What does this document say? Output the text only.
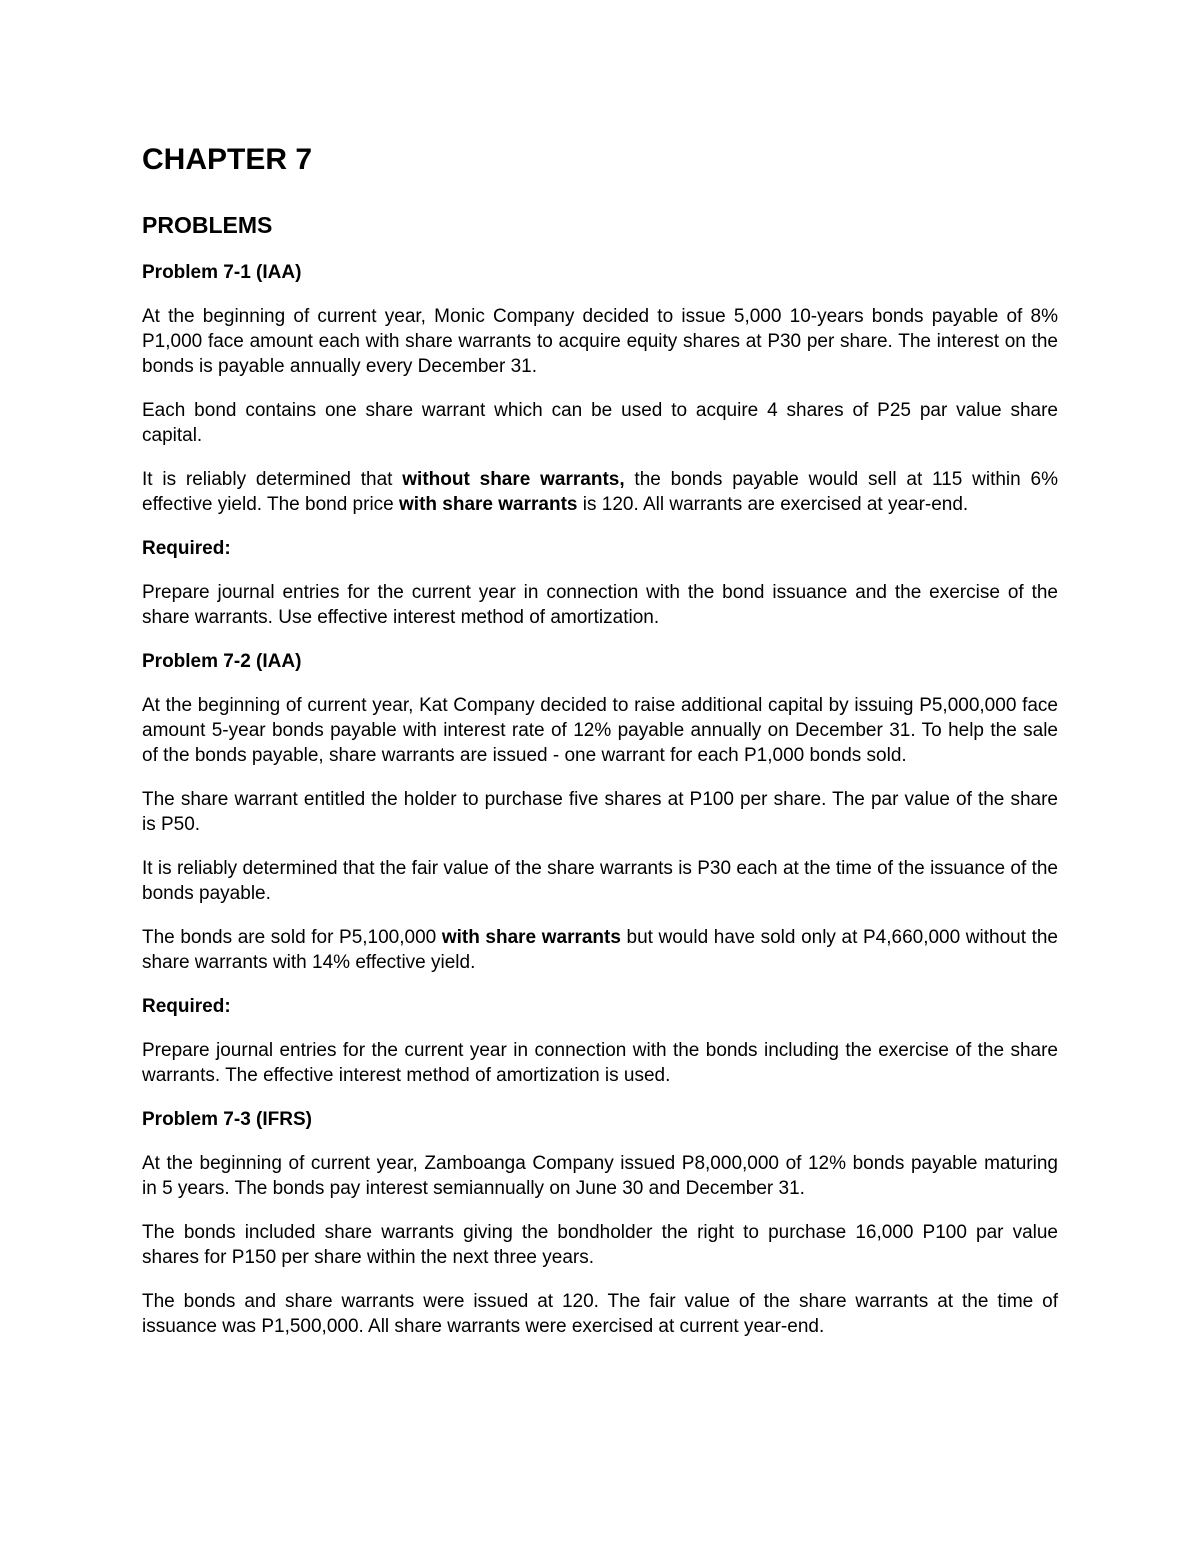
CHAPTER 7
PROBLEMS
Problem 7-1 (IAA)

At the beginning of current year, Monic Company decided to issue 5,000 10-years bonds payable of 8% P1,000 face amount each with share warrants to acquire equity shares at P30 per share. The interest on the bonds is payable annually every December 31.

Each bond contains one share warrant which can be used to acquire 4 shares of P25 par value share capital.

It is reliably determined that without share warrants, the bonds payable would sell at 115 within 6% effective yield. The bond price with share warrants is 120. All warrants are exercised at year-end.

Required:

Prepare journal entries for the current year in connection with the bond issuance and the exercise of the share warrants. Use effective interest method of amortization.

Problem 7-2 (IAA)

At the beginning of current year, Kat Company decided to raise additional capital by issuing P5,000,000 face amount 5-year bonds payable with interest rate of 12% payable annually on December 31. To help the sale of the bonds payable, share warrants are issued - one warrant for each P1,000 bonds sold.

The share warrant entitled the holder to purchase five shares at P100 per share. The par value of the share is P50.

It is reliably determined that the fair value of the share warrants is P30 each at the time of the issuance of the bonds payable.

The bonds are sold for P5,100,000 with share warrants but would have sold only at P4,660,000 without the share warrants with 14% effective yield.

Required:

Prepare journal entries for the current year in connection with the bonds including the exercise of the share warrants. The effective interest method of amortization is used.

Problem 7-3 (IFRS)

At the beginning of current year, Zamboanga Company issued P8,000,000 of 12% bonds payable maturing in 5 years. The bonds pay interest semiannually on June 30 and December 31.

The bonds included share warrants giving the bondholder the right to purchase 16,000 P100 par value shares for P150 per share within the next three years.

The bonds and share warrants were issued at 120. The fair value of the share warrants at the time of issuance was P1,500,000. All share warrants were exercised at current year-end.
